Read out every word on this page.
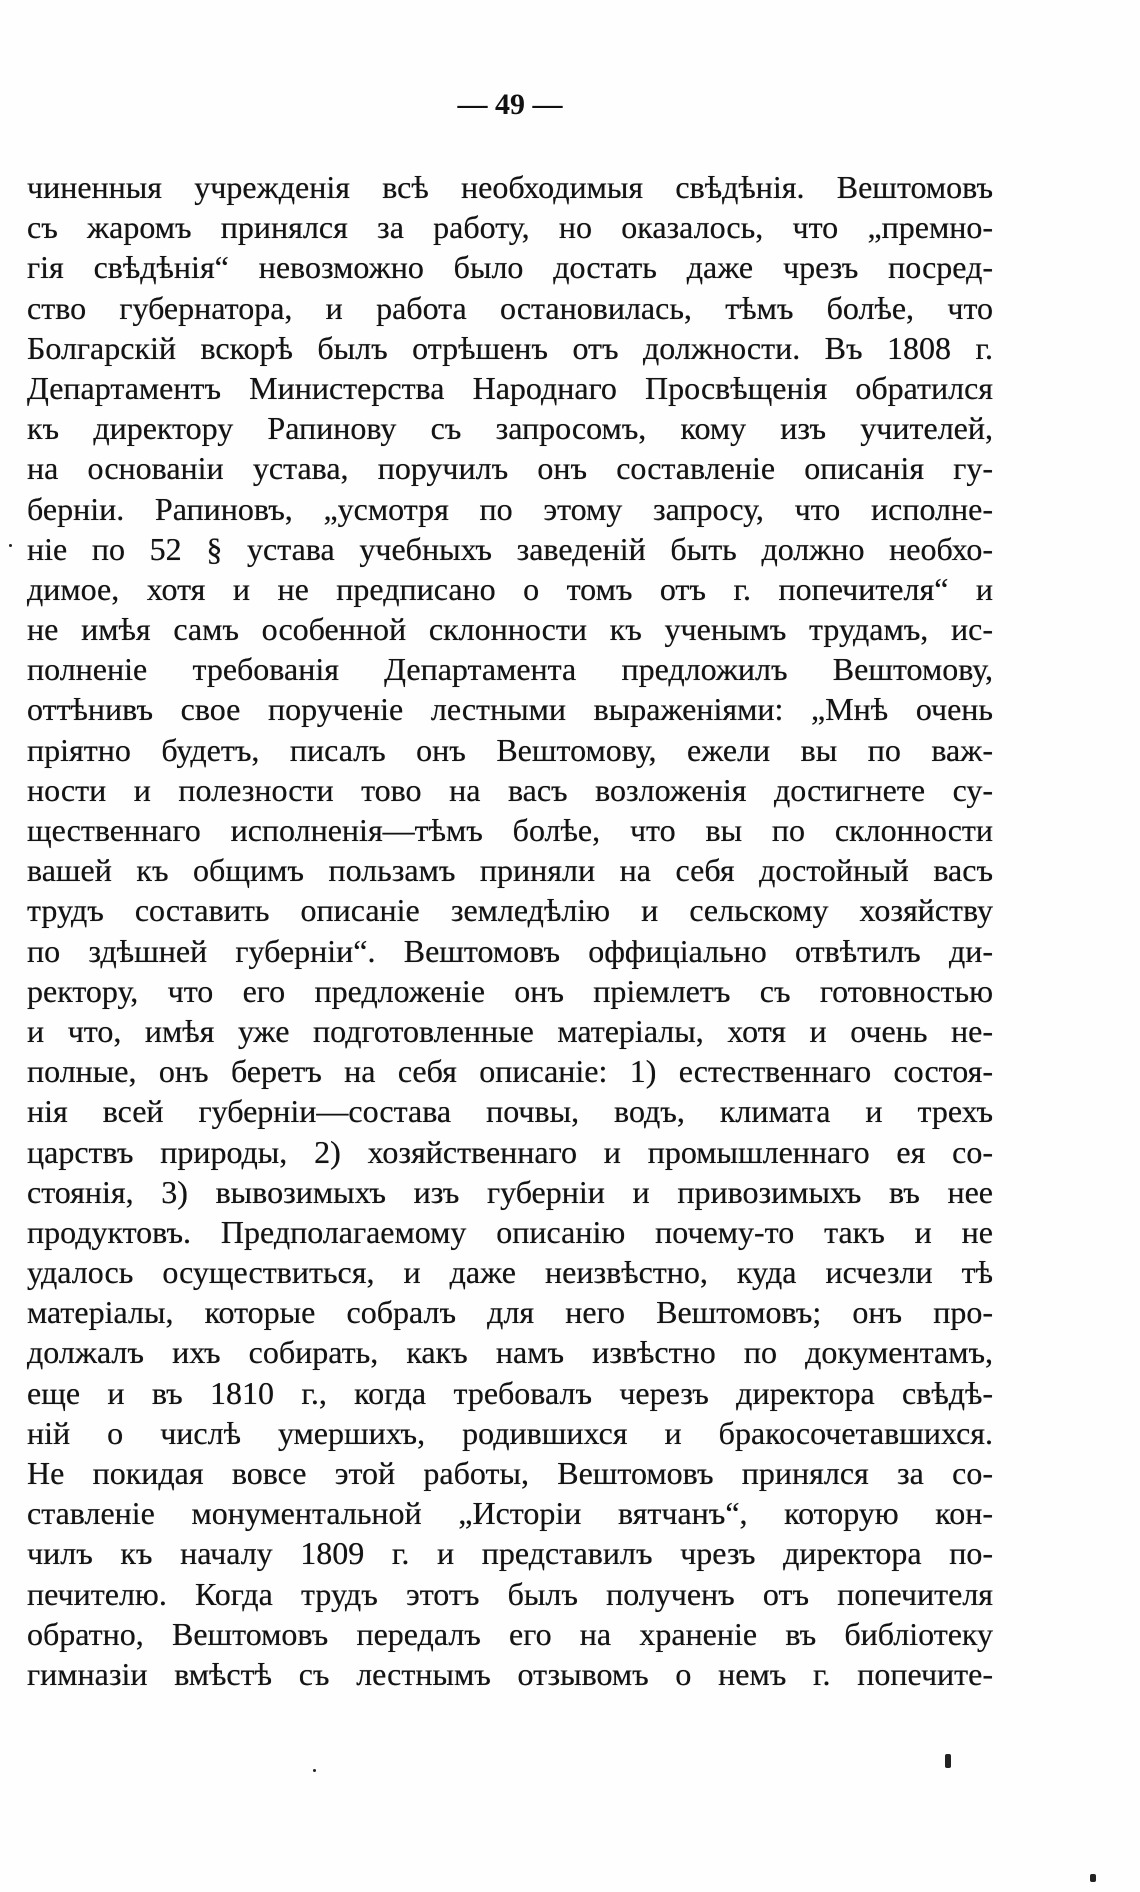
— 49 —
чиненныя учрежденія всѣ необходимыя свѣдѣнія. Вештомовъ
съ жаромъ принялся за работу, но оказалось, что „премно-
гія свѣдѣнія“ невозможно было достать даже чрезъ посред-
ство губернатора, и работа остановилась, тѣмъ болѣе, что
Болгарскій вскорѣ былъ отрѣшенъ отъ должности. Въ 1808 г.
Департаментъ Министерства Народнаго Просвѣщенія обратился
къ директору Рапинову съ запросомъ, кому изъ учителей,
на основаніи устава, поручилъ онъ составленіе описанія гу-
берніи. Рапиновъ, „усмотря по этому запросу, что исполне-
ніе по 52 § устава учебныхъ заведеній быть должно необхо-
димое, хотя и не предписано о томъ отъ г. попечителя“ и
не имѣя самъ особенной склонности къ ученымъ трудамъ, ис-
полненіе требованія Департамента предложилъ Вештомову,
оттѣнивъ свое порученіе лестными выраженіями: „Мнѣ очень
пріятно будетъ, писалъ онъ Вештомову, ежели вы по важ-
ности и полезности тово на васъ возложенія достигнете су-
щественнаго исполненія—тѣмъ болѣе, что вы по склонности
вашей къ общимъ пользамъ приняли на себя достойный васъ
трудъ составить описаніе земледѣлію и сельскому хозяйству
по здѣшней губерніи“. Вештомовъ оффиціально отвѣтилъ ди-
ректору, что его предложеніе онъ пріемлетъ съ готовностью
и что, имѣя уже подготовленные матеріалы, хотя и очень не-
полные, онъ беретъ на себя описаніе: 1) естественнаго состоя-
нія всей губерніи—состава почвы, водъ, климата и трехъ
царствъ природы, 2) хозяйственнаго и промышленнаго ея со-
стоянія, 3) вывозимыхъ изъ губерніи и привозимыхъ въ нее
продуктовъ. Предполагаемому описанію почему-то такъ и не
удалось осуществиться, и даже неизвѣстно, куда исчезли тѣ
матеріалы, которые собралъ для него Вештомовъ; онъ про-
должалъ ихъ собирать, какъ намъ извѣстно по документамъ,
еще и въ 1810 г., когда требовалъ черезъ директора свѣдѣ-
ній о числѣ умершихъ, родившихся и бракосочетавшихся.
Не покидая вовсе этой работы, Вештомовъ принялся за со-
ставленіе монументальной „Исторіи вятчанъ“, которую кон-
чилъ къ началу 1809 г. и представилъ чрезъ директора по-
печителю. Когда трудъ этотъ былъ полученъ отъ попечителя
обратно, Вештомовъ передалъ его на храненіе въ библіотеку
гимназіи вмѣстѣ съ лестнымъ отзывомъ о немъ г. попечите-
